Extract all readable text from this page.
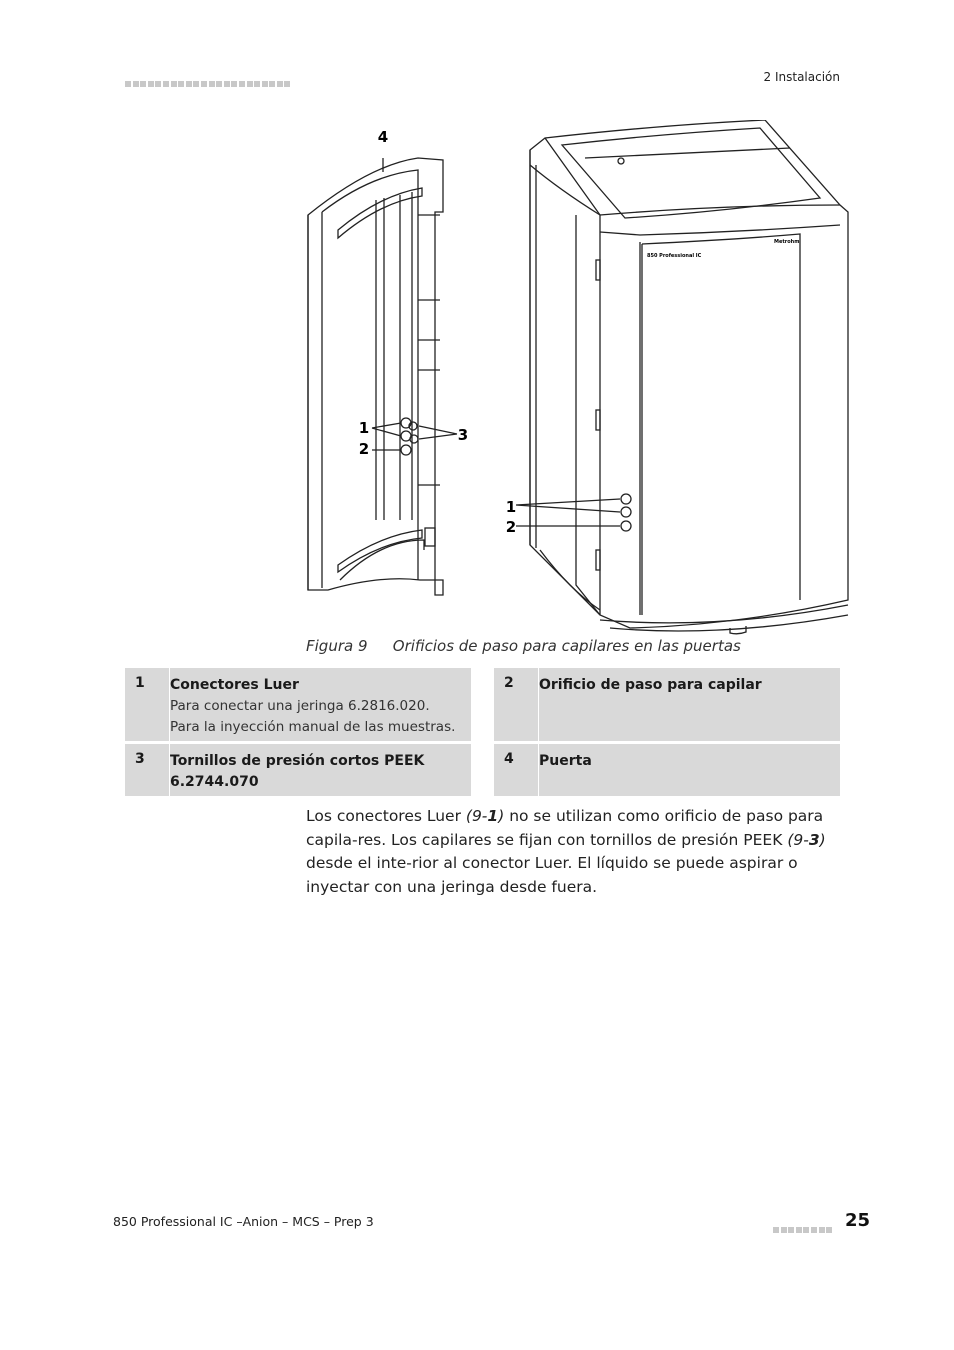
2 Instalación
4
1
2
3
850 Professional IC
Metrohm
1
2
Figura 9 Orificios de paso para capilares en las puertas
1 Conectores Luer
Para conectar una jeringa 6.2816.020. Para la inyección manual de las muestras.
2 Orificio de paso para capilar
3 Tornillos de presión cortos PEEK 6.2744.070
4 Puerta
Los conectores Luer (9-1) no se utilizan como orificio de paso para capila-res. Los capilares se fijan con tornillos de presión PEEK (9-3) desde el inte-rior al conector Luer. El líquido se puede aspirar o inyectar con una jeringa desde fuera.
850 Professional IC –Anion – MCS – Prep 3	25
